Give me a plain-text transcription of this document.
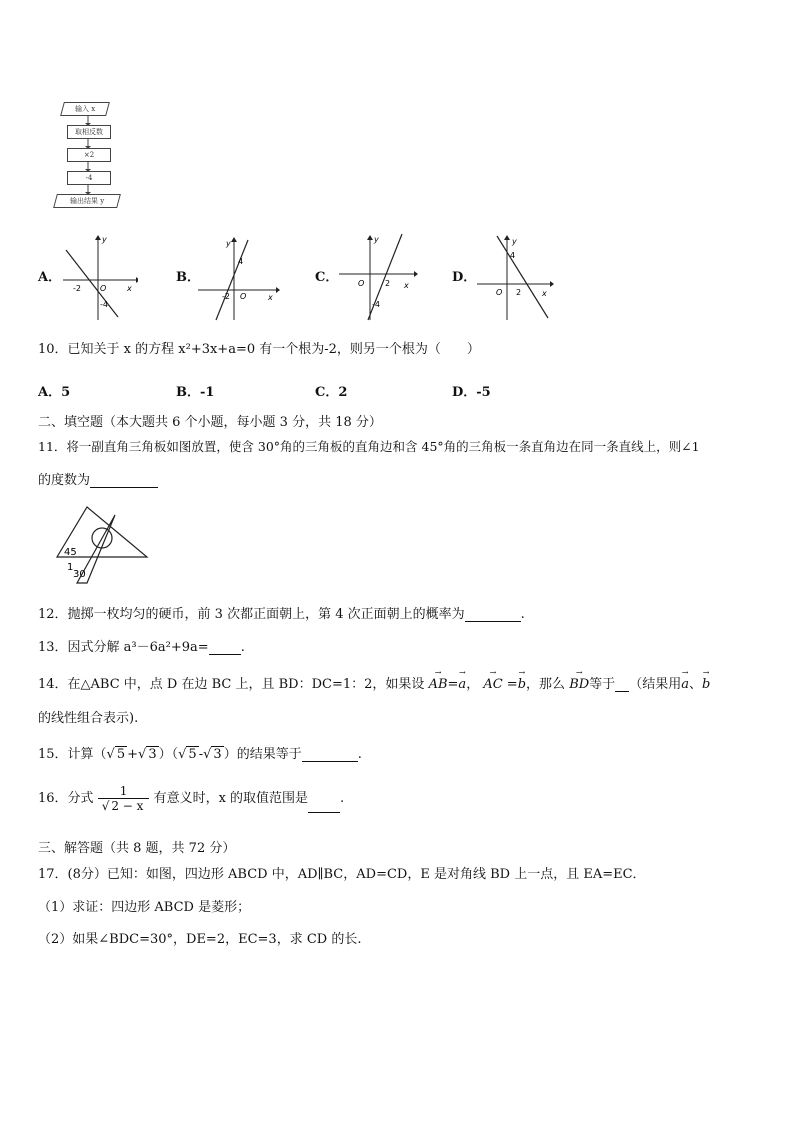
输入 x
取相反数
×2
-4
输出结果 y
A．
y
x
O
-2
-4
B．
y
x
O
-2
4
C．
y
x
O	2
-4
D．
y
x
O 2
4
10．已知关于 x 的方程 x²+3x+a=0 有一个根为-2，则另一个根为（　　）
A．5	B．-1	C．2	D．-5
二、填空题（本大题共 6 个小题，每小题 3 分，共 18 分）
11．将一副直角三角板如图放置，使含 30°角的三角板的直角边和含 45°角的三角板一条直角边在同一条直线上，则∠1
的度数为
45
1
30
12．抛掷一枚均匀的硬币，前 3 次都正面朝上，第 4 次正面朝上的概率为	.
13．因式分解 a³－6a²+9a= .
14．在△ABC 中，点 D 在边 BC 上，且 BD：DC=1：2，如果设 → AB=→ a， → AC =→ b，那么 → BD等于 （结果用→ a、→ b
的线性组合表示).
15．计算（√ 5 +√ 3 ）（√ 5 -√ 3 ）的结果等于	.
16．分式 $\frac{1}{√ 2 - x}$ 有意义时，x 的取值范围是 .
三、解答题（共 8 题，共 72 分）
17．(8分）已知：如图，四边形 ABCD 中，AD∥BC，AD=CD，E 是对角线 BD 上一点，且 EA=EC．
（1）求证：四边形 ABCD 是菱形；
（2）如果∠BDC=30°，DE=2，EC=3，求 CD 的长.
